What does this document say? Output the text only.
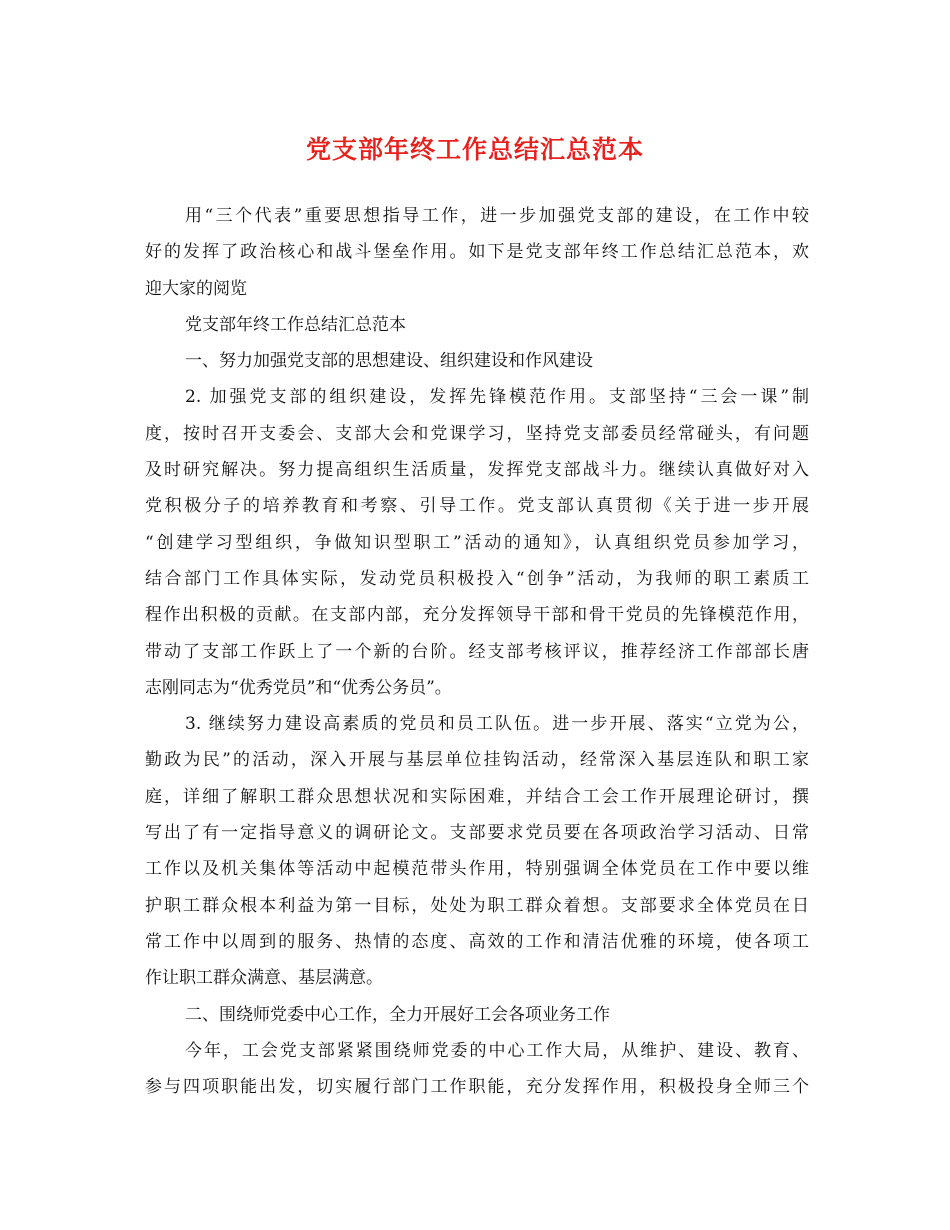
党支部年终工作总结汇总范本
用“三个代表”重要思想指导工作，进一步加强党支部的建设，在工作中较
好的发挥了政治核心和战斗堡垒作用。如下是党支部年终工作总结汇总范本，欢
迎大家的阅览
党支部年终工作总结汇总范本
一、努力加强党支部的思想建设、组织建设和作风建设
2. 加强党支部的组织建设，发挥先锋模范作用。支部坚持“三会一课”制
度，按时召开支委会、支部大会和党课学习，坚持党支部委员经常碰头，有问题
及时研究解决。努力提高组织生活质量，发挥党支部战斗力。继续认真做好对入
党积极分子的培养教育和考察、引导工作。党支部认真贯彻《关于进一步开展
“创建学习型组织，争做知识型职工”活动的通知》，认真组织党员参加学习，
结合部门工作具体实际，发动党员积极投入“创争”活动，为我师的职工素质工
程作出积极的贡献。在支部内部，充分发挥领导干部和骨干党员的先锋模范作用，
带动了支部工作跃上了一个新的台阶。经支部考核评议，推荐经济工作部部长唐
志刚同志为“优秀党员”和“优秀公务员”。
3. 继续努力建设高素质的党员和员工队伍。进一步开展、落实“立党为公，
勤政为民”的活动，深入开展与基层单位挂钩活动，经常深入基层连队和职工家
庭，详细了解职工群众思想状况和实际困难，并结合工会工作开展理论研讨，撰
写出了有一定指导意义的调研论文。支部要求党员要在各项政治学习活动、日常
工作以及机关集体等活动中起模范带头作用，特别强调全体党员在工作中要以维
护职工群众根本利益为第一目标，处处为职工群众着想。支部要求全体党员在日
常工作中以周到的服务、热情的态度、高效的工作和清洁优雅的环境，使各项工
作让职工群众满意、基层满意。
二、围绕师党委中心工作，全力开展好工会各项业务工作
今年，工会党支部紧紧围绕师党委的中心工作大局，从维护、建设、教育、
参与四项职能出发，切实履行部门工作职能，充分发挥作用，积极投身全师三个
